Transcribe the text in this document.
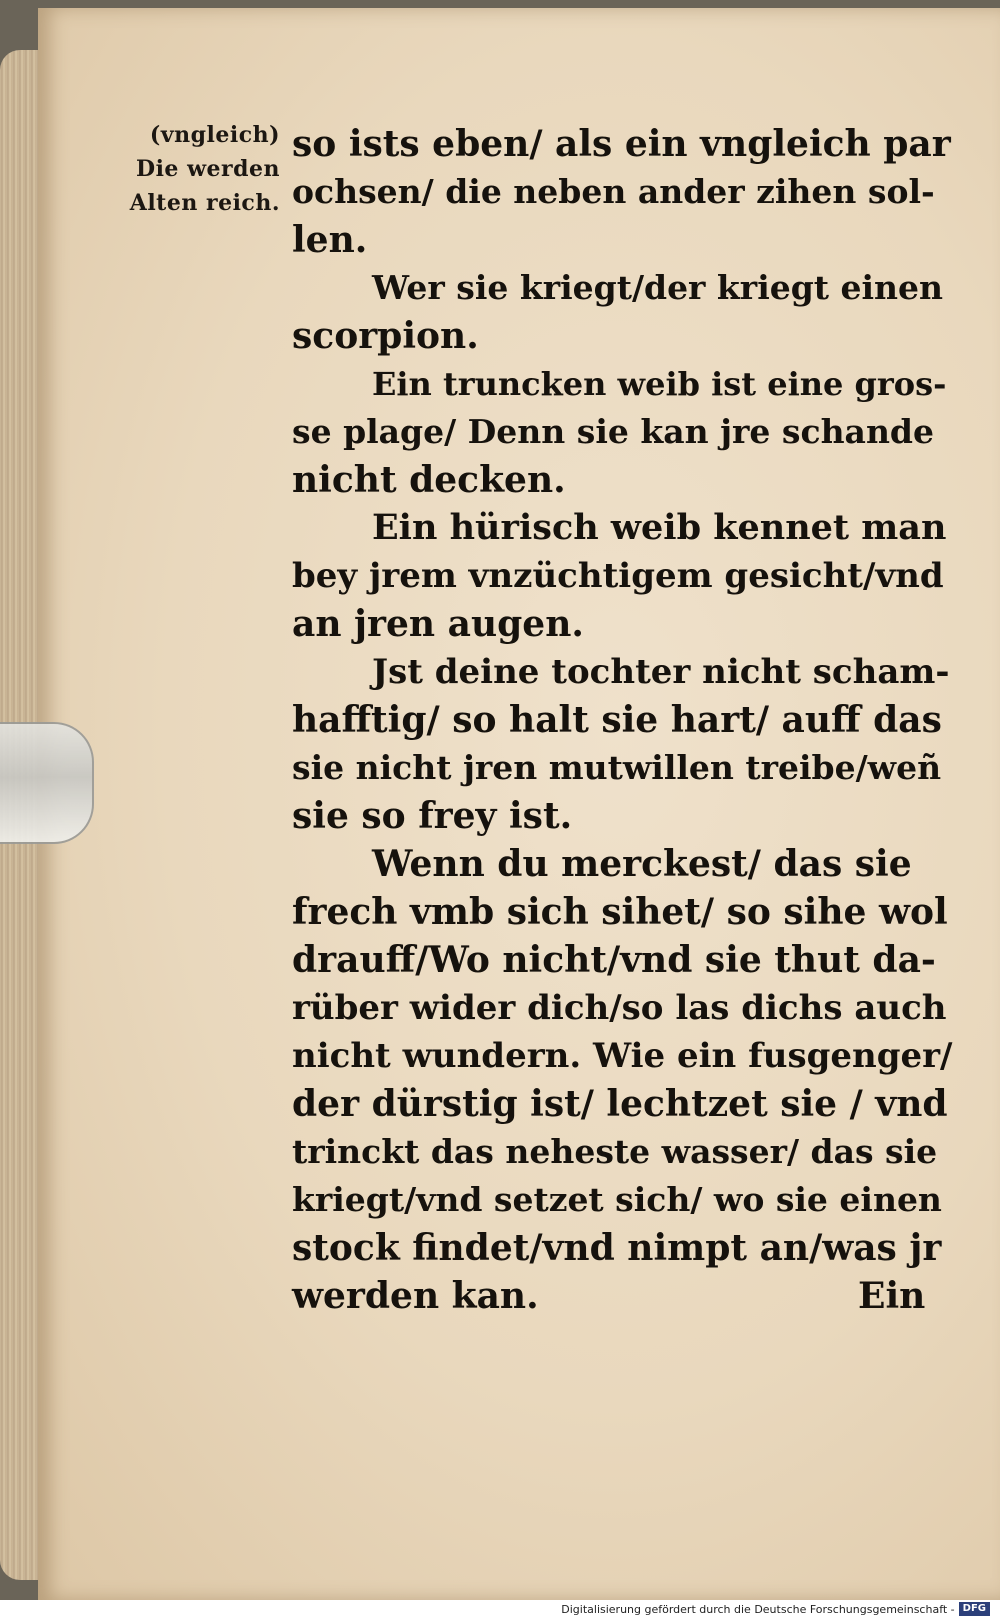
(vngleich)
Die werden
Alten reich.
so ists eben/ als ein vngleich par
ochsen/ die neben ander zihen sol-
len.
Wer sie kriegt/der kriegt einen
scorpion.
Ein truncken weib ist eine gros-
se plage/ Denn sie kan jre schande
nicht decken.
Ein hürisch weib kennet man
bey jrem vnzüchtigem gesicht/vnd
an jren augen.
Jst deine tochter nicht scham-
hafftig/ so halt sie hart/ auff das
sie nicht jren mutwillen treibe/weñ
sie so frey ist.
Wenn du merckest/ das sie
frech vmb sich sihet/ so sihe wol
drauff/Wo nicht/vnd sie thut da-
rüber wider dich/so las dichs auch
nicht wundern. Wie ein fusgenger/
der dürstig ist/ lechtzet sie / vnd
trinckt das neheste wasser/ das sie
kriegt/vnd setzet sich/ wo sie einen
stock findet/vnd nimpt an/was jr
werden kan.	Ein
Digitalisierung gefördert durch die Deutsche Forschungsgemeinschaft - DFG
